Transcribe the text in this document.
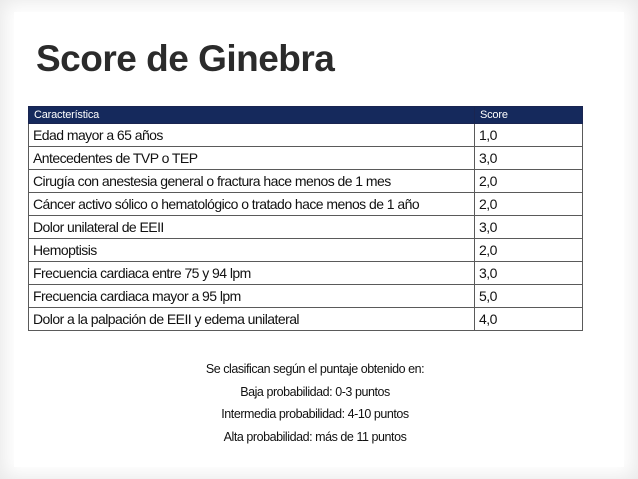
Score de Ginebra
Característica	Score
Edad mayor a 65 años	1,0
Antecedentes de TVP o TEP	3,0
Cirugía con anestesia general o fractura hace menos de 1 mes	2,0
Cáncer activo sólico o hematológico o tratado hace menos de 1 año	2,0
Dolor unilateral de EEII	3,0
Hemoptisis	2,0
Frecuencia cardiaca entre 75 y 94 lpm	3,0
Frecuencia cardiaca mayor a 95 lpm	5,0
Dolor a la palpación de EEII y edema unilateral	4,0
Se clasifican según el puntaje obtenido en:
Baja probabilidad: 0-3 puntos
Intermedia probabilidad: 4-10 puntos
Alta probabilidad: más de 11 puntos
